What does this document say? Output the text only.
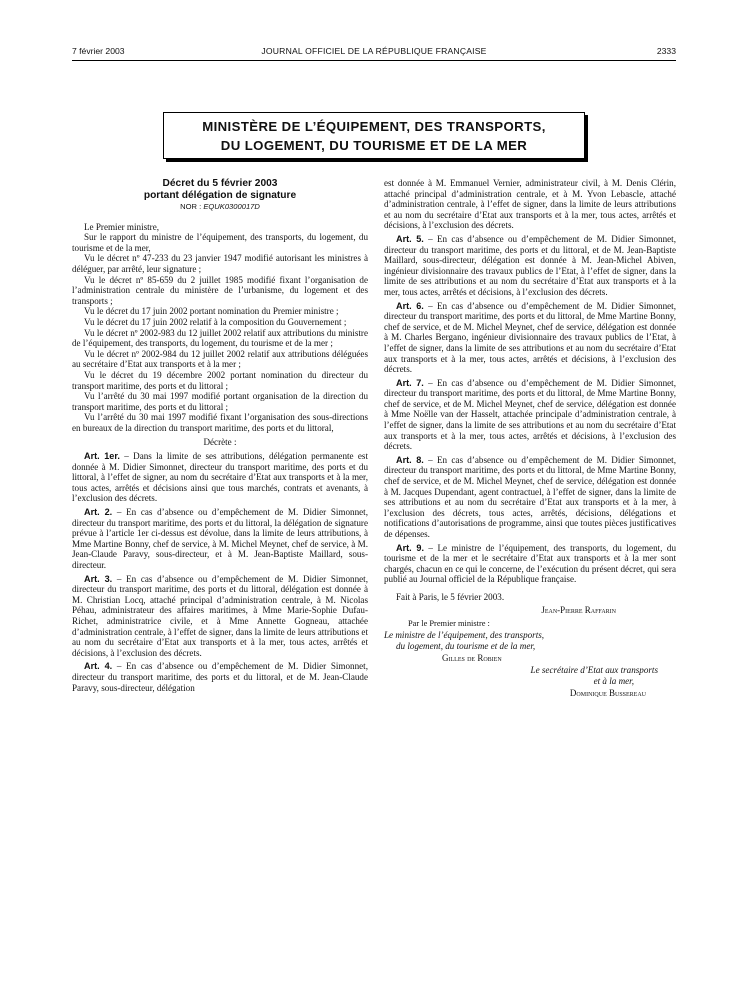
7 février 2003	JOURNAL OFFICIEL DE LA RÉPUBLIQUE FRANÇAISE	2333
MINISTÈRE DE L’ÉQUIPEMENT, DES TRANSPORTS,
DU LOGEMENT, DU TOURISME ET DE LA MER
Décret du 5 février 2003
portant délégation de signature
NOR : EQUK0300017D

Le Premier ministre,

Sur le rapport du ministre de l’équipement, des transports, du logement, du tourisme et de la mer,

Vu le décret nº 47-233 du 23 janvier 1947 modifié autorisant les ministres à déléguer, par arrêté, leur signature ;

Vu le décret nº 85-659 du 2 juillet 1985 modifié fixant l’organisation de l’administration centrale du ministère de l’urbanisme, du logement et des transports ;

Vu le décret du 17 juin 2002 portant nomination du Premier ministre ;

Vu le décret du 17 juin 2002 relatif à la composition du Gouvernement ;

Vu le décret nº 2002-983 du 12 juillet 2002 relatif aux attributions du ministre de l’équipement, des transports, du logement, du tourisme et de la mer ;

Vu le décret nº 2002-984 du 12 juillet 2002 relatif aux attributions déléguées au secrétaire d’Etat aux transports et à la mer ;

Vu le décret du 19 décembre 2002 portant nomination du directeur du transport maritime, des ports et du littoral ;

Vu l’arrêté du 30 mai 1997 modifié portant organisation de la direction du transport maritime, des ports et du littoral ;

Vu l’arrêté du 30 mai 1997 modifié fixant l’organisation des sous-directions en bureaux de la direction du transport maritime, des ports et du littoral,

Décrète :

Art. 1er. – Dans la limite de ses attributions, délégation permanente est donnée à M. Didier Simonnet, directeur du transport maritime, des ports et du littoral, à l’effet de signer, au nom du secrétaire d’Etat aux transports et à la mer, tous actes, arrêtés et décisions ainsi que tous marchés, contrats et avenants, à l’exclusion des décrets.

Art. 2. – En cas d’absence ou d’empêchement de M. Didier Simonnet, directeur du transport maritime, des ports et du littoral, la délégation de signature prévue à l’article 1er ci-dessus est dévolue, dans la limite de leurs attributions, à Mme Martine Bonny, chef de service, à M. Michel Meynet, chef de service, à M. Jean-Claude Paravy, sous-directeur, et à M. Jean-Baptiste Maillard, sous-directeur.

Art. 3. – En cas d’absence ou d’empêchement de M. Didier Simonnet, directeur du transport maritime, des ports et du littoral, délégation est donnée à M. Christian Locq, attaché principal d’administration centrale, à M. Nicolas Péhau, administrateur des affaires maritimes, à Mme Marie-Sophie Dufau-Richet, administratrice civile, et à Mme Annette Gogneau, attachée d’administration centrale, à l’effet de signer, dans la limite de leurs attributions et au nom du secrétaire d’Etat aux transports et à la mer, tous actes, arrêtés et décisions, à l’exclusion des décrets.

Art. 4. – En cas d’absence ou d’empêchement de M. Didier Simonnet, directeur du transport maritime, des ports et du littoral, et de M. Jean-Claude Paravy, sous-directeur, délégation

est donnée à M. Emmanuel Vernier, administrateur civil, à M. Denis Clérin, attaché principal d’administration centrale, et à M. Yvon Lebascle, attaché d’administration centrale, à l’effet de signer, dans la limite de leurs attributions et au nom du secrétaire d’Etat aux transports et à la mer, tous actes, arrêtés et décisions, à l’exclusion des décrets.

Art. 5. – En cas d’absence ou d’empêchement de M. Didier Simonnet, directeur du transport maritime, des ports et du littoral, et de M. Jean-Baptiste Maillard, sous-directeur, délégation est donnée à M. Jean-Michel Abiven, ingénieur divisionnaire des travaux publics de l’Etat, à l’effet de signer, dans la limite de ses attributions et au nom du secrétaire d’Etat aux transports et à la mer, tous actes, arrêtés et décisions, à l’exclusion des décrets.

Art. 6. – En cas d’absence ou d’empêchement de M. Didier Simonnet, directeur du transport maritime, des ports et du littoral, de Mme Martine Bonny, chef de service, et de M. Michel Meynet, chef de service, délégation est donnée à M. Charles Bergano, ingénieur divisionnaire des travaux publics de l’Etat, à l’effet de signer, dans la limite de ses attributions et au nom du secrétaire d’Etat aux transports et à la mer, tous actes, arrêtés et décisions, à l’exclusion des décrets.

Art. 7. – En cas d’absence ou d’empêchement de M. Didier Simonnet, directeur du transport maritime, des ports et du littoral, de Mme Martine Bonny, chef de service, et de M. Michel Meynet, chef de service, délégation est donnée à Mme Noëlle van der Hasselt, attachée principale d’administration centrale, à l’effet de signer, dans la limite de ses attributions et au nom du secrétaire d’Etat aux transports et à la mer, tous actes, arrêtés et décisions, à l’exclusion des décrets.

Art. 8. – En cas d’absence ou d’empêchement de M. Didier Simonnet, directeur du transport maritime, des ports et du littoral, de Mme Martine Bonny, chef de service, et de M. Michel Meynet, chef de service, délégation est donnée à M. Jacques Dupendant, agent contractuel, à l’effet de signer, dans la limite de ses attributions et au nom du secrétaire d’Etat aux transports et à la mer, à l’exclusion des décrets, tous actes, arrêtés, décisions, délégations et notifications d’autorisations de programme, ainsi que toutes pièces justificatives de dépenses.

Art. 9. – Le ministre de l’équipement, des transports, du logement, du tourisme et de la mer et le secrétaire d’Etat aux transports et à la mer sont chargés, chacun en ce qui le concerne, de l’exécution du présent décret, qui sera publié au Journal officiel de la République française.

Fait à Paris, le 5 février 2003.
Jean-Pierre Raffarin
Par le Premier ministre :
Le ministre de l’équipement, des transports,
du logement, du tourisme et de la mer,
Gilles de Robien
Le secrétaire d’Etat aux transports
et à la mer,
Dominique Bussereau
